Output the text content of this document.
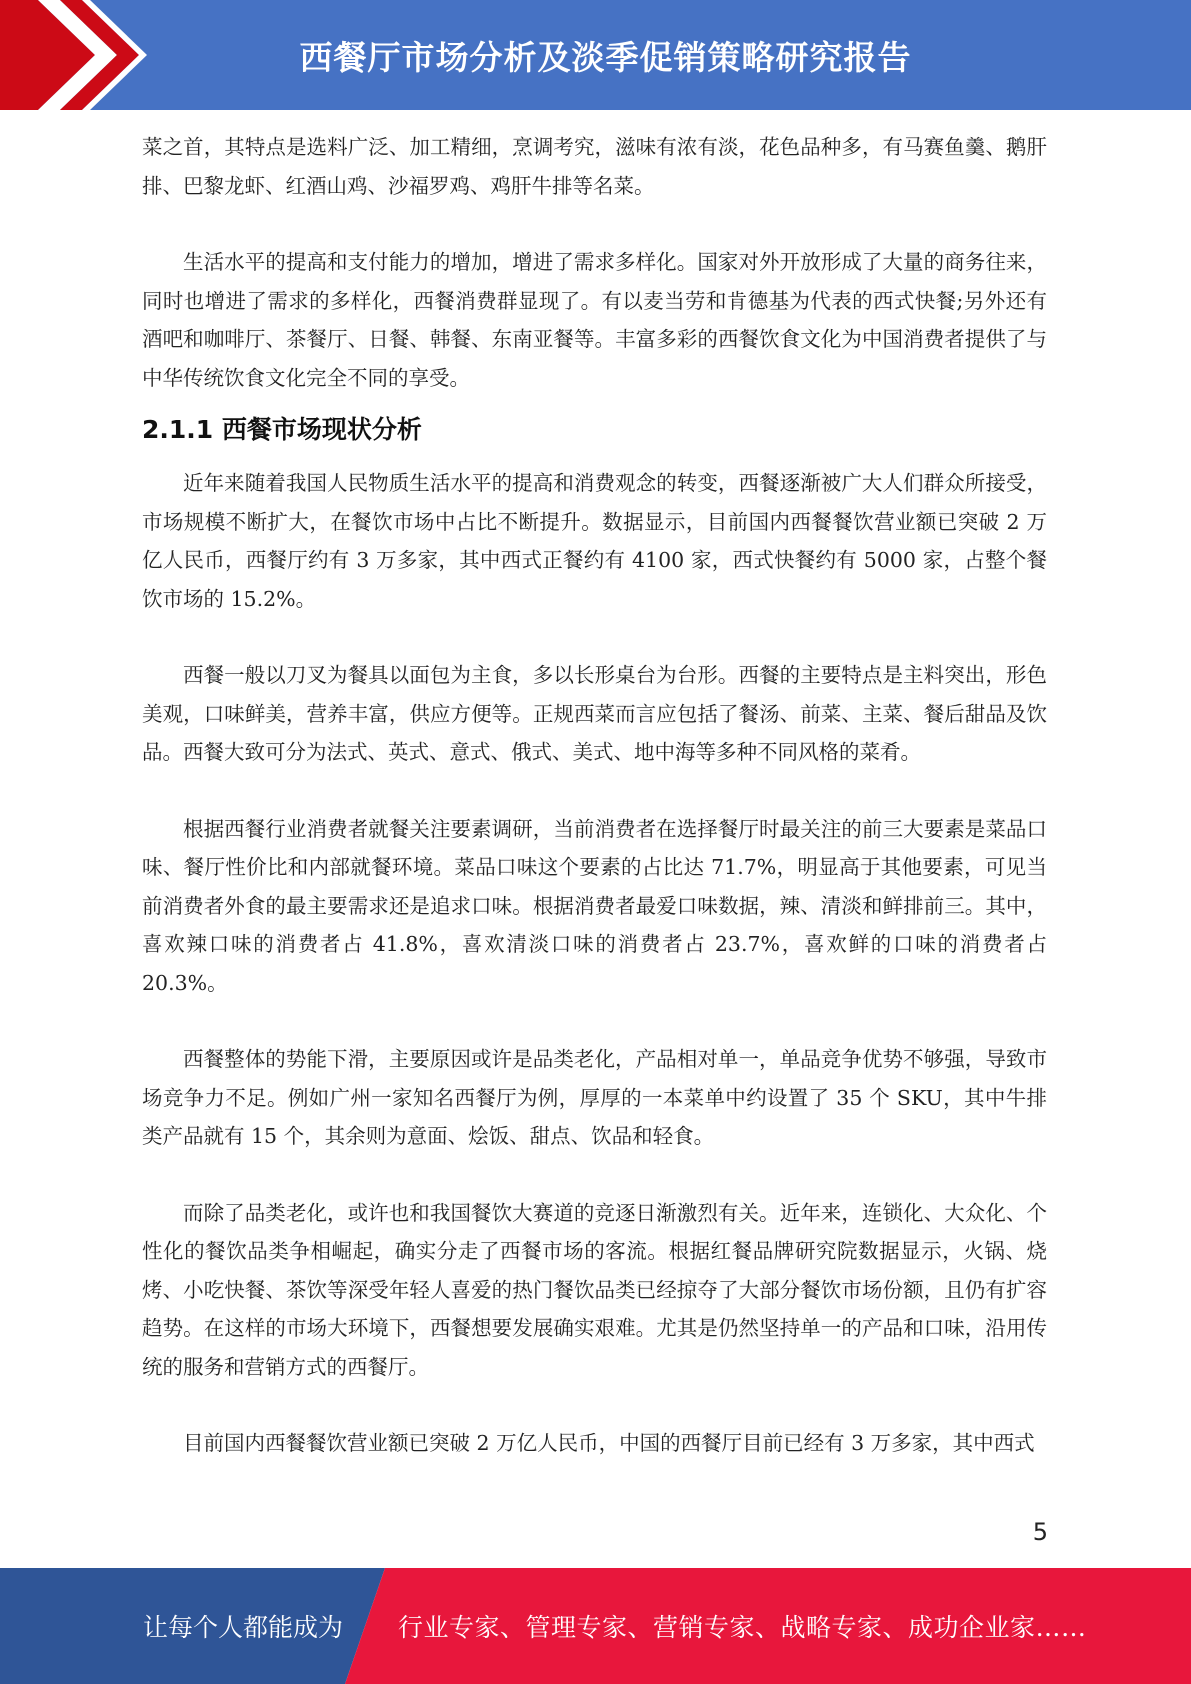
西餐厅市场分析及淡季促销策略研究报告

菜之首，其特点是选料广泛、加工精细，烹调考究，滋味有浓有淡，花色品种多，有马赛鱼羹、鹅肝排、巴黎龙虾、红酒山鸡、沙福罗鸡、鸡肝牛排等名菜。

生活水平的提高和支付能力的增加，增进了需求多样化。国家对外开放形成了大量的商务往来，同时也增进了需求的多样化，西餐消费群显现了。有以麦当劳和肯德基为代表的西式快餐;另外还有酒吧和咖啡厅、茶餐厅、日餐、韩餐、东南亚餐等。丰富多彩的西餐饮食文化为中国消费者提供了与中华传统饮食文化完全不同的享受。

2.1.1 西餐市场现状分析

近年来随着我国人民物质生活水平的提高和消费观念的转变，西餐逐渐被广大人们群众所接受，市场规模不断扩大，在餐饮市场中占比不断提升。数据显示，目前国内西餐餐饮营业额已突破 2 万亿人民币，西餐厅约有 3 万多家，其中西式正餐约有 4100 家，西式快餐约有 5000 家，占整个餐饮市场的 15.2%。

西餐一般以刀叉为餐具以面包为主食，多以长形桌台为台形。西餐的主要特点是主料突出，形色美观，口味鲜美，营养丰富，供应方便等。正规西菜而言应包括了餐汤、前菜、主菜、餐后甜品及饮品。西餐大致可分为法式、英式、意式、俄式、美式、地中海等多种不同风格的菜肴。

根据西餐行业消费者就餐关注要素调研，当前消费者在选择餐厅时最关注的前三大要素是菜品口味、餐厅性价比和内部就餐环境。菜品口味这个要素的占比达 71.7%，明显高于其他要素，可见当前消费者外食的最主要需求还是追求口味。根据消费者最爱口味数据，辣、清淡和鲜排前三。其中，喜欢辣口味的消费者占 41.8%，喜欢清淡口味的消费者占 23.7%，喜欢鲜的口味的消费者占 20.3%。

西餐整体的势能下滑，主要原因或许是品类老化，产品相对单一，单品竞争优势不够强，导致市场竞争力不足。例如广州一家知名西餐厅为例，厚厚的一本菜单中约设置了 35 个 SKU，其中牛排类产品就有 15 个，其余则为意面、烩饭、甜点、饮品和轻食。

而除了品类老化，或许也和我国餐饮大赛道的竞逐日渐激烈有关。近年来，连锁化、大众化、个性化的餐饮品类争相崛起，确实分走了西餐市场的客流。根据红餐品牌研究院数据显示，火锅、烧烤、小吃快餐、茶饮等深受年轻人喜爱的热门餐饮品类已经掠夺了大部分餐饮市场份额，且仍有扩容趋势。在这样的市场大环境下，西餐想要发展确实艰难。尤其是仍然坚持单一的产品和口味，沿用传统的服务和营销方式的西餐厅。

目前国内西餐餐饮营业额已突破 2 万亿人民币，中国的西餐厅目前已经有 3 万多家，其中西式

5
让每个人都能成为 行业专家、管理专家、营销专家、战略专家、成功企业家……
